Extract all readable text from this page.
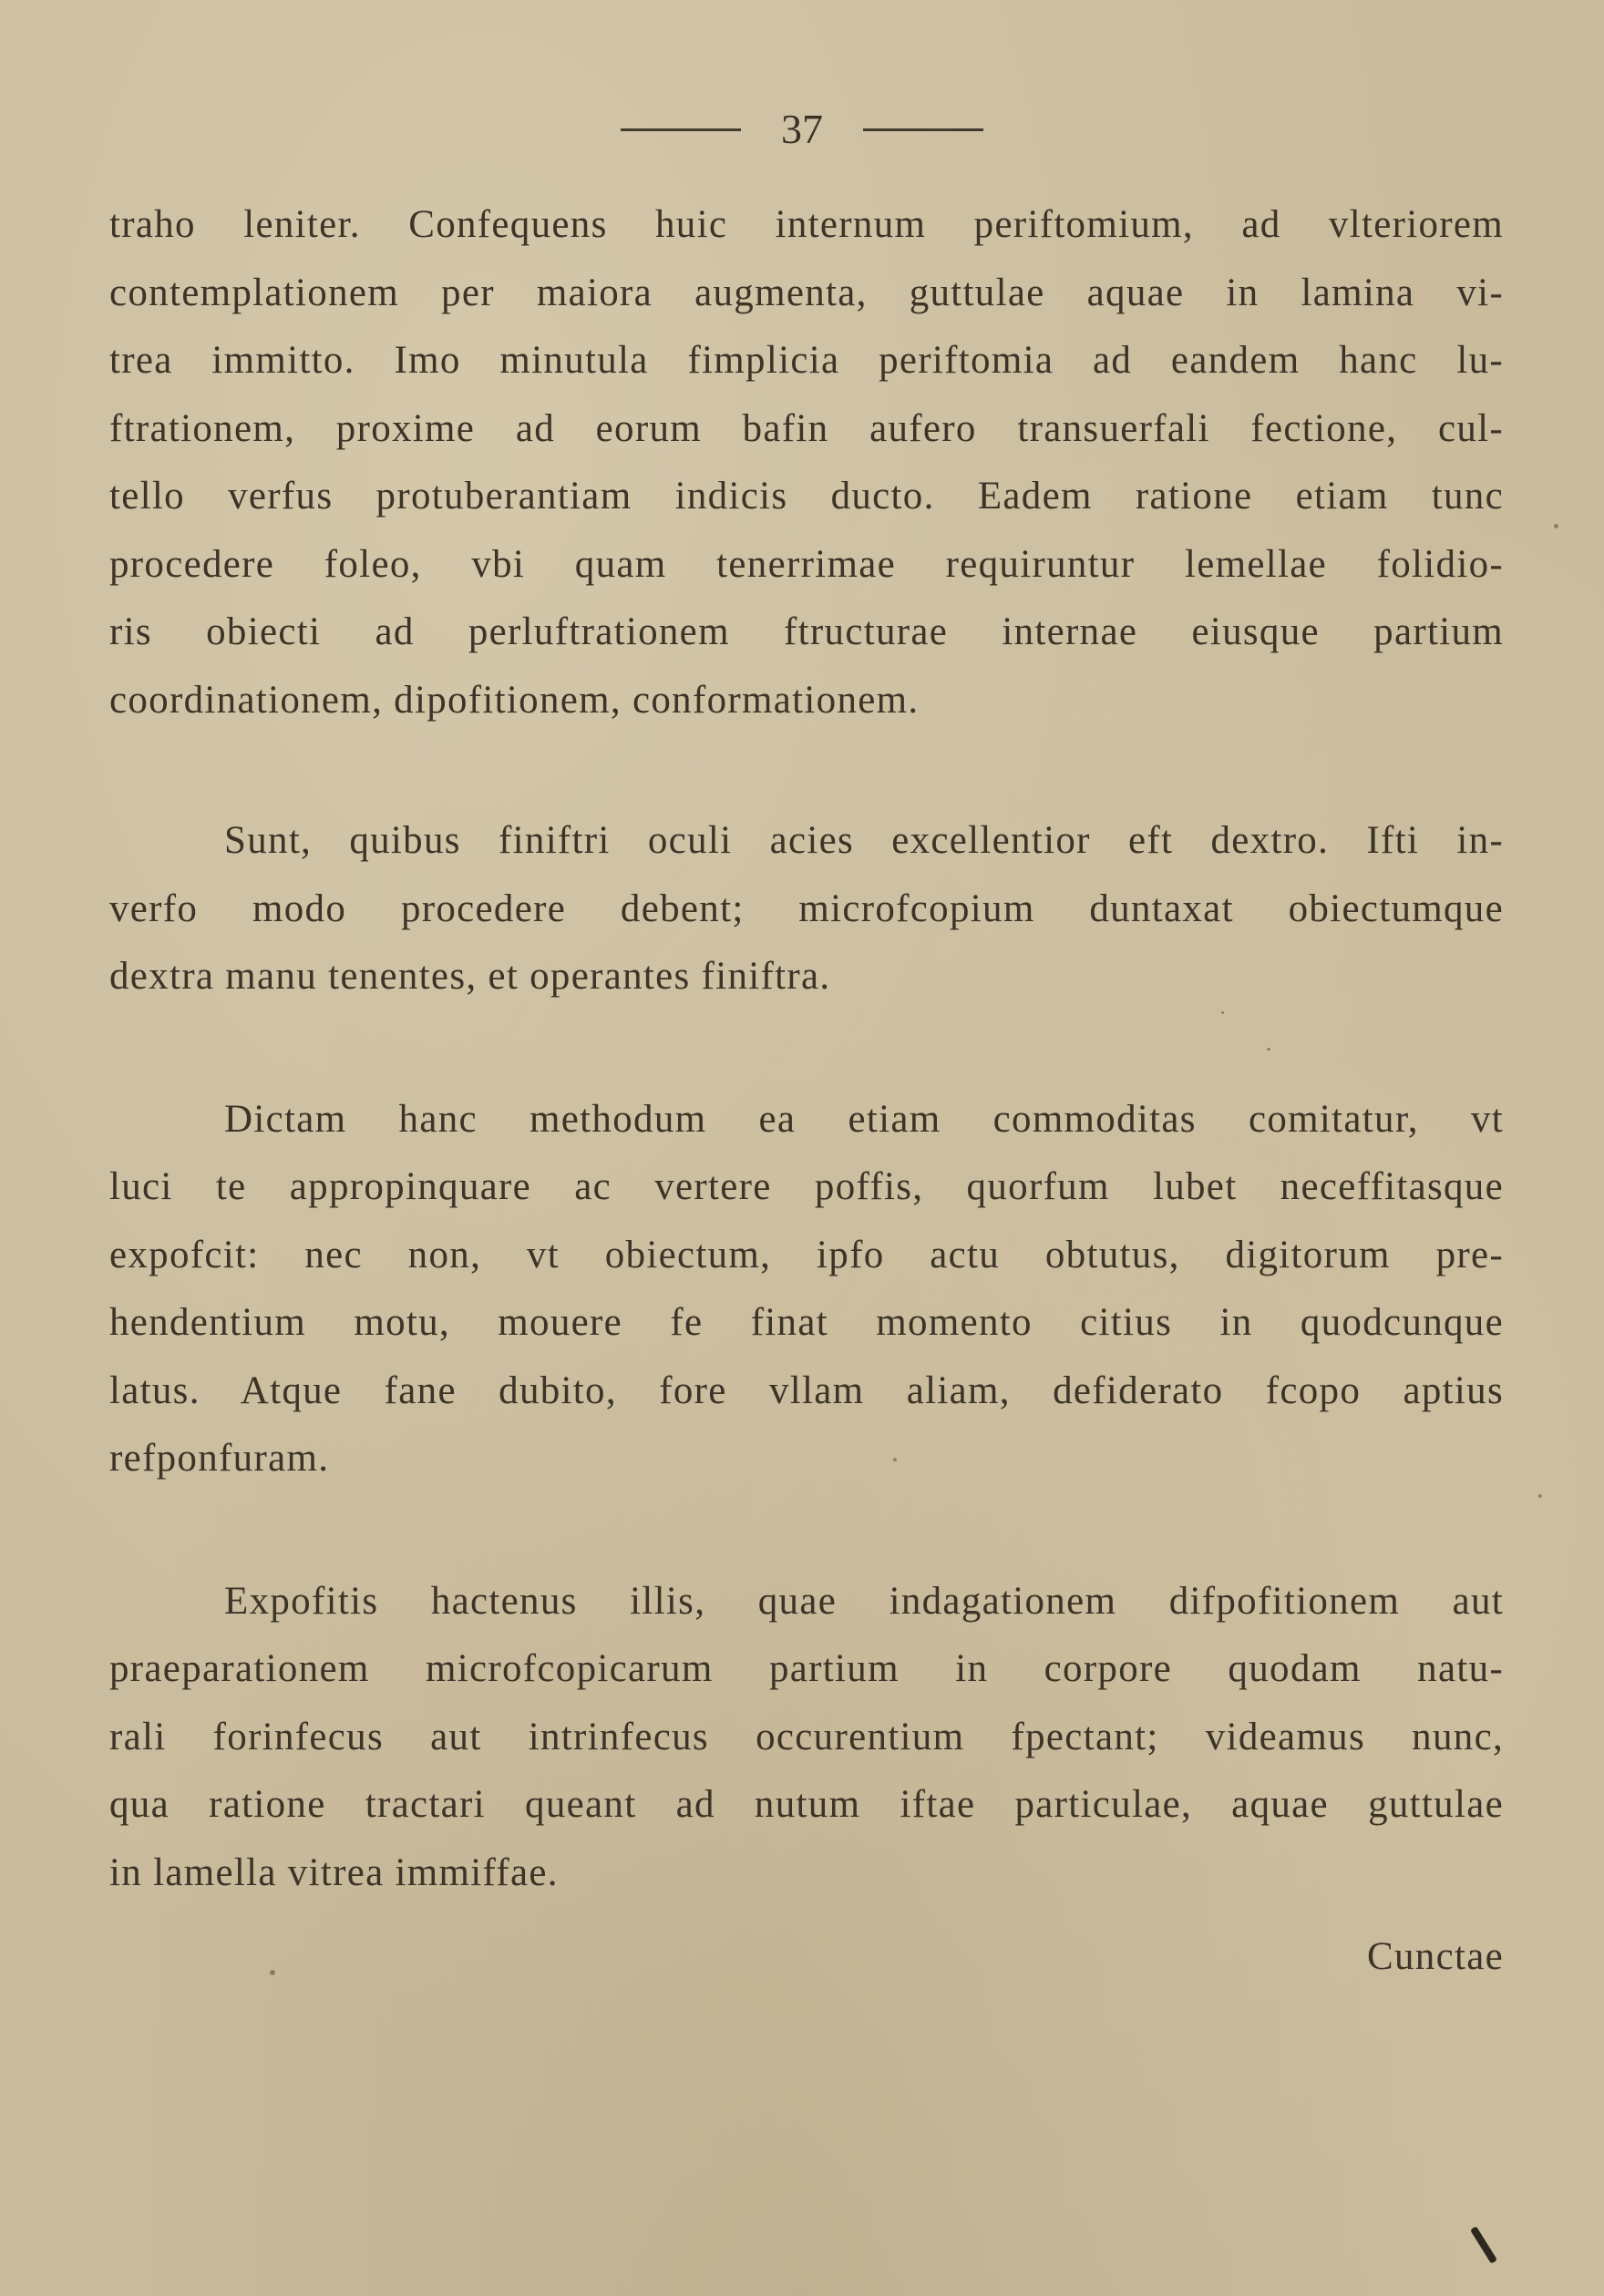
37

traho leniter. Confequens huic internum periftomium, ad vlteriorem
contemplationem per maiora augmenta, guttulae aquae in lamina vi-
trea immitto. Imo minutula fimplicia periftomia ad eandem hanc lu-
ftrationem, proxime ad eorum bafin aufero transuerfali fectione, cul-
tello verfus protuberantiam indicis ducto. Eadem ratione etiam tunc
procedere foleo, vbi quam tenerrimae requiruntur lemellae folidio-
ris obiecti ad perluftrationem ftructurae internae eiusque partium
coordinationem, dipofitionem, conformationem.

Sunt, quibus finiftri oculi acies excellentior eft dextro. Ifti in-
verfo modo procedere debent; microfcopium duntaxat obiectumque
dextra manu tenentes, et operantes finiftra.

Dictam hanc methodum ea etiam commoditas comitatur, vt
luci te appropinquare ac vertere poffis, quorfum lubet neceffitasque
expofcit: nec non, vt obiectum, ipfo actu obtutus, digitorum pre-
hendentium motu, mouere fe finat momento citius in quodcunque
latus. Atque fane dubito, fore vllam aliam, defiderato fcopo aptius
refponfuram.

Expofitis hactenus illis, quae indagationem difpofitionem aut
praeparationem microfcopicarum partium in corpore quodam natu-
rali forinfecus aut intrinfecus occurentium fpectant; videamus nunc,
qua ratione tractari queant ad nutum iftae particulae, aquae guttulae
in lamella vitrea immiffae.

Cunctae
